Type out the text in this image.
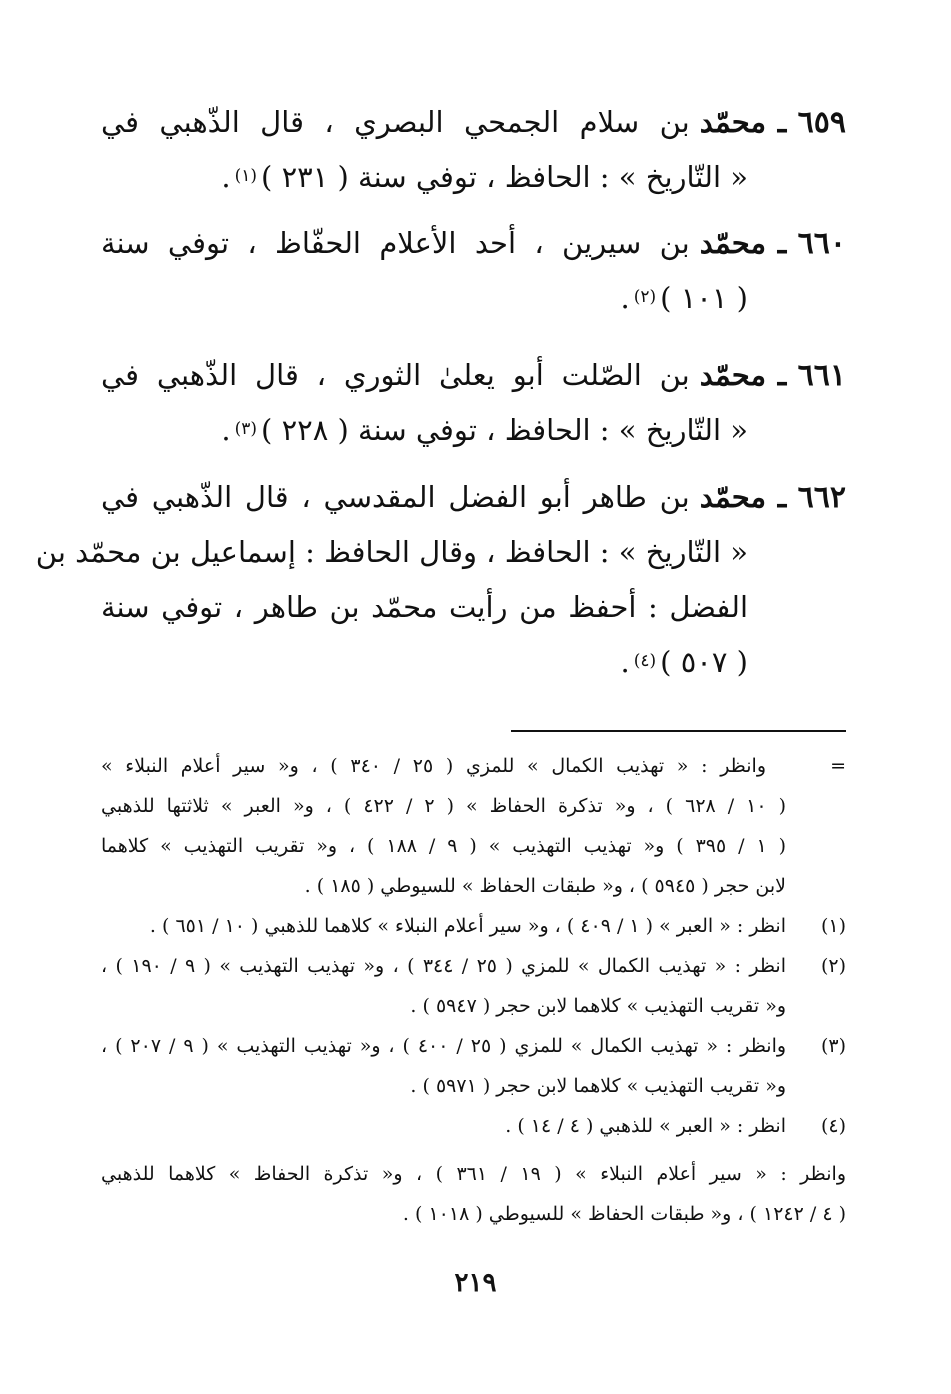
٦٥٩
ـ
محمّد
بن سلام الجمحي البصري ، قال الذّهبي في
« التّاريخ » : الحافظ ، توفي سنة ( ٢٣١ )$^{(١)}$.
٦٦٠
ـ
محمّد
بن سيرين ، أحد الأعلام الحفّاظ ، توفي سنة
( ١٠١ )$^{(٢)}$.
٦٦١
ـ
محمّد
بن الصّلت أبو يعلىٰ الثوري ، قال الذّهبي في
« التّاريخ » : الحافظ ، توفي سنة ( ٢٢٨ )$^{(٣)}$.
٦٦٢
ـ
محمّد
بن طاهر أبو الفضل المقدسي ، قال الذّهبي في
« التّاريخ » : الحافظ ، وقال الحافظ : إسماعيل بن محمّد بن
الفضل : أحفظ من رأيت محمّد بن طاهر ، توفي سنة
( ٥٠٧ )$^{(٤)}$.
=
وانظر : « تهذيب الكمال » للمزي ( ٢٥ / ٣٤٠ ) ، و« سير أعلام النبلاء »
( ١٠ / ٦٢٨ ) ، و« تذكرة الحفاظ » ( ٢ / ٤٢٢ ) ، و« العبر » ثلاثتها للذهبي
( ١ / ٣٩٥ ) و« تهذيب التهذيب » ( ٩ / ١٨٨ ) ، و« تقريب التهذيب » كلاهما
لابن حجر ( ٥٩٤٥ ) ، و« طبقات الحفاظ » للسيوطي ( ١٨٥ ) .
(١)
انظر : « العبر » ( ١ / ٤٠٩ ) ، و« سير أعلام النبلاء » كلاهما للذهبي ( ١٠ / ٦٥١ ) .
(٢)
انظر : « تهذيب الكمال » للمزي ( ٢٥ / ٣٤٤ ) ، و« تهذيب التهذيب » ( ٩ / ١٩٠ ) ،
و« تقريب التهذيب » كلاهما لابن حجر ( ٥٩٤٧ ) .
(٣)
وانظر : « تهذيب الكمال » للمزي ( ٢٥ / ٤٠٠ ) ، و« تهذيب التهذيب » ( ٩ / ٢٠٧ ) ،
و« تقريب التهذيب » كلاهما لابن حجر ( ٥٩٧١ ) .
(٤)
انظر : « العبر » للذهبي ( ٤ / ١٤ ) .
وانظر : « سير أعلام النبلاء » ( ١٩ / ٣٦١ ) ، و« تذكرة الحفاظ » كلاهما للذهبي
( ٤ / ١٢٤٢ ) ، و« طبقات الحفاظ » للسيوطي ( ١٠١٨ ) .
٢١٩
